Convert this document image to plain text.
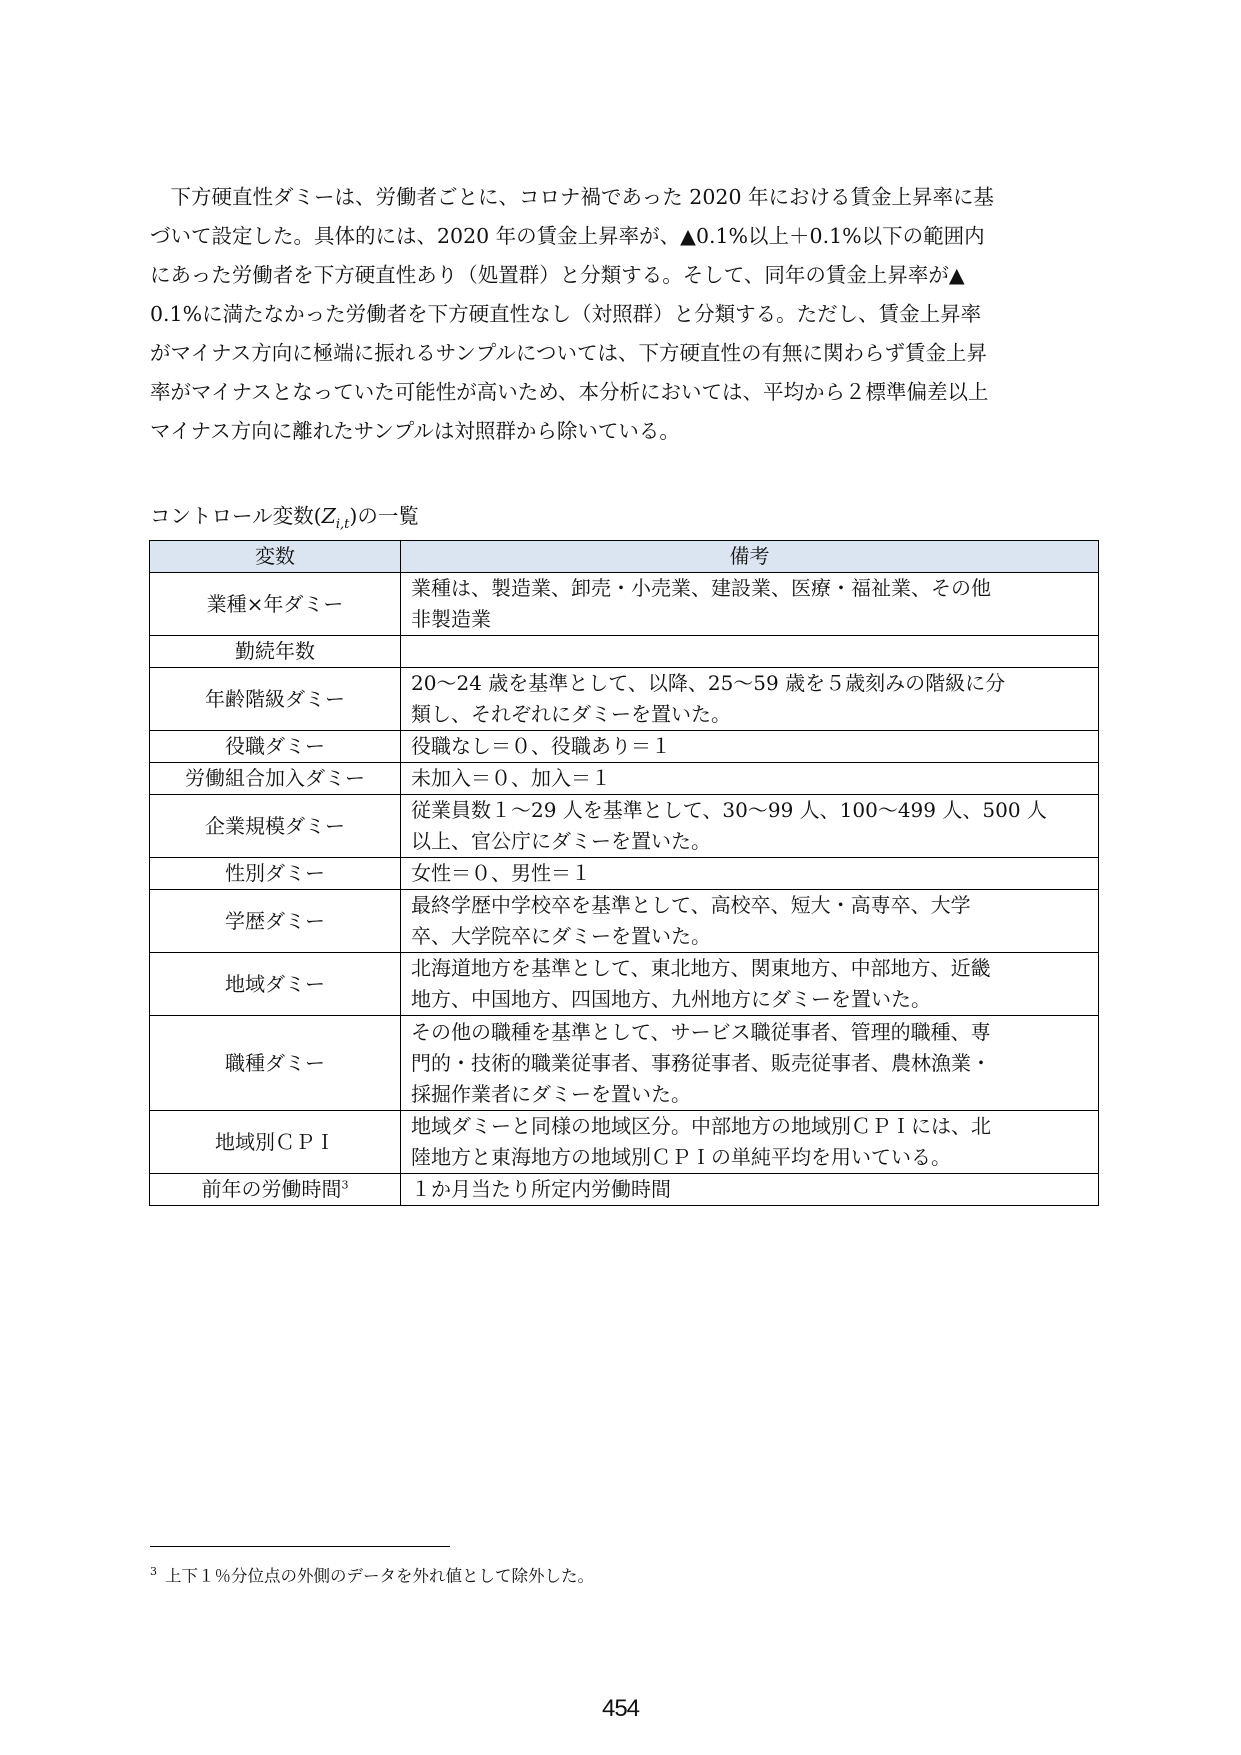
　下方硬直性ダミーは、労働者ごとに、コロナ禍であった 2020 年における賃金上昇率に基
づいて設定した。具体的には、2020 年の賃金上昇率が、▲0.1%以上＋0.1%以下の範囲内
にあった労働者を下方硬直性あり（処置群）と分類する。そして、同年の賃金上昇率が▲
0.1%に満たなかった労働者を下方硬直性なし（対照群）と分類する。ただし、賃金上昇率
がマイナス方向に極端に振れるサンプルについては、下方硬直性の有無に関わらず賃金上昇
率がマイナスとなっていた可能性が高いため、本分析においては、平均から２標準偏差以上
マイナス方向に離れたサンプルは対照群から除いている。
コントロール変数$(Z_{i,t})$の一覧
変数	備考
業種×年ダミー	業種は、製造業、卸売・小売業、建設業、医療・福祉業、その他
非製造業

勤続年数	

年齢階級ダミー	20〜24 歳を基準として、以降、25〜59 歳を５歳刻みの階級に分
類し、それぞれにダミーを置いた。

役職ダミー	役職なし＝０、役職あり＝１

労働組合加入ダミー	未加入＝０、加入＝１

企業規模ダミー	従業員数１〜29 人を基準として、30〜99 人、100〜499 人、500 人
以上、官公庁にダミーを置いた。

性別ダミー	女性＝０、男性＝１

学歴ダミー	最終学歴中学校卒を基準として、高校卒、短大・高専卒、大学
卒、大学院卒にダミーを置いた。

地域ダミー	北海道地方を基準として、東北地方、関東地方、中部地方、近畿
地方、中国地方、四国地方、九州地方にダミーを置いた。

職種ダミー	その他の職種を基準として、サービス職従事者、管理的職種、専
門的・技術的職業従事者、事務従事者、販売従事者、農林漁業・
採掘作業者にダミーを置いた。

地域別ＣＰＩ	地域ダミーと同様の地域区分。中部地方の地域別ＣＰＩには、北
陸地方と東海地方の地域別ＣＰＩの単純平均を用いている。

前年の労働時間$^3$	１か月当たり所定内労働時間
$^3$ 上下１％分位点の外側のデータを外れ値として除外した。
454
